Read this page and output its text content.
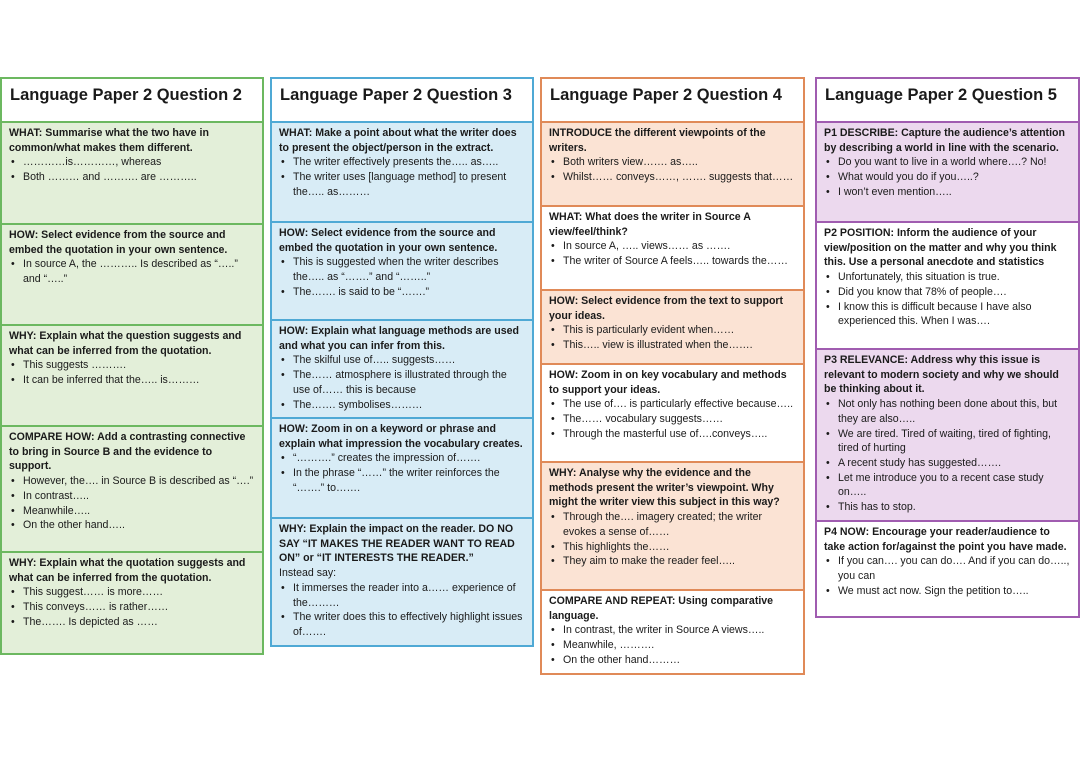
Language Paper 2 Question 2
WHAT: Summarise what the two have in common/what makes them different.
• …………is…………, whereas
• Both ……… and ………. are ………..
HOW: Select evidence from the source and embed the quotation in your own sentence.
• In source A, the ……….. Is described as “…..” and “…..”
WHY: Explain what the question suggests and what can be inferred from the quotation.
• This suggests ……….
• It can be inferred that the….. is………
COMPARE HOW: Add a contrasting connective to bring in Source B and the evidence to support.
• However, the…. in Source B is described as “….”
• In contrast…..
• Meanwhile…..
• On the other hand…..
WHY: Explain what the quotation suggests and what can be inferred from the quotation.
• This suggest…… is more……
• This conveys…… is rather……
• The……. Is depicted as ……
Language Paper 2 Question 3
WHAT: Make a point about what the writer does to present the object/person in the extract.
• The writer effectively presents the….. as…..
• The writer uses [language method] to present the….. as………
HOW: Select evidence from the source and embed the quotation in your own sentence.
• This is suggested when the writer describes the….. as “…….” and “……..”
• The……. is said to be “…….”
HOW: Explain what language methods are used and what you can infer from this.
• The skilful use of….. suggests……
• The…… atmosphere is illustrated through the use of…… this is because
• The……. symbolises………
HOW: Zoom in on a keyword or phrase and explain what impression the vocabulary creates.
• “……….” creates the impression of…….
• In the phrase “……” the writer reinforces the “…….” to…….
WHY: Explain the impact on the reader. DO NO SAY “IT MAKES THE READER WANT TO READ ON” or “IT INTERESTS THE READER.”
Instead say:
• It immerses the reader into a…… experience of the………
• The writer does this to effectively highlight issues of…….
Language Paper 2 Question 4
INTRODUCE the different viewpoints of the writers.
• Both writers view……. as…..
• Whilst…… conveys……, ……. suggests that……
WHAT: What does the writer in Source A view/feel/think?
• In source A, ….. views…… as …….
• The writer of Source A feels….. towards the……
HOW: Select evidence from the text to support your ideas.
• This is particularly evident when……
• This….. view is illustrated when the…….
HOW: Zoom in on key vocabulary and methods to support your ideas.
• The use of…. is particularly effective because…..
• The…… vocabulary suggests……
• Through the masterful use of….conveys…..
WHY: Analyse why the evidence and the methods present the writer’s viewpoint. Why might the writer view this subject in this way?
• Through the…. imagery created; the writer evokes a sense of……
• This highlights the……
• They aim to make the reader feel…..
COMPARE AND REPEAT: Using comparative language.
• In contrast, the writer in Source A views…..
• Meanwhile, ……….
• On the other hand………
Language Paper 2 Question 5
P1 DESCRIBE: Capture the audience’s attention by describing a world in line with the scenario.
• Do you want to live in a world where….? No!
• What would you do if you…..?
• I won’t even mention…..
P2 POSITION: Inform the audience of your view/position on the matter and why you think this. Use a personal anecdote and statistics
• Unfortunately, this situation is true.
• Did you know that 78% of people….
• I know this is difficult because I have also experienced this. When I was….
P3 RELEVANCE: Address why this issue is relevant to modern society and why we should be thinking about it.
• Not only has nothing been done about this, but they are also…..
• We are tired. Tired of waiting, tired of fighting, tired of hurting
• A recent study has suggested…….
• Let me introduce you to a recent case study on…..
• This has to stop.
P4 NOW: Encourage your reader/audience to take action for/against the point you have made.
• If you can…. you can do…. And if you can do….., you can
• We must act now. Sign the petition to…..
